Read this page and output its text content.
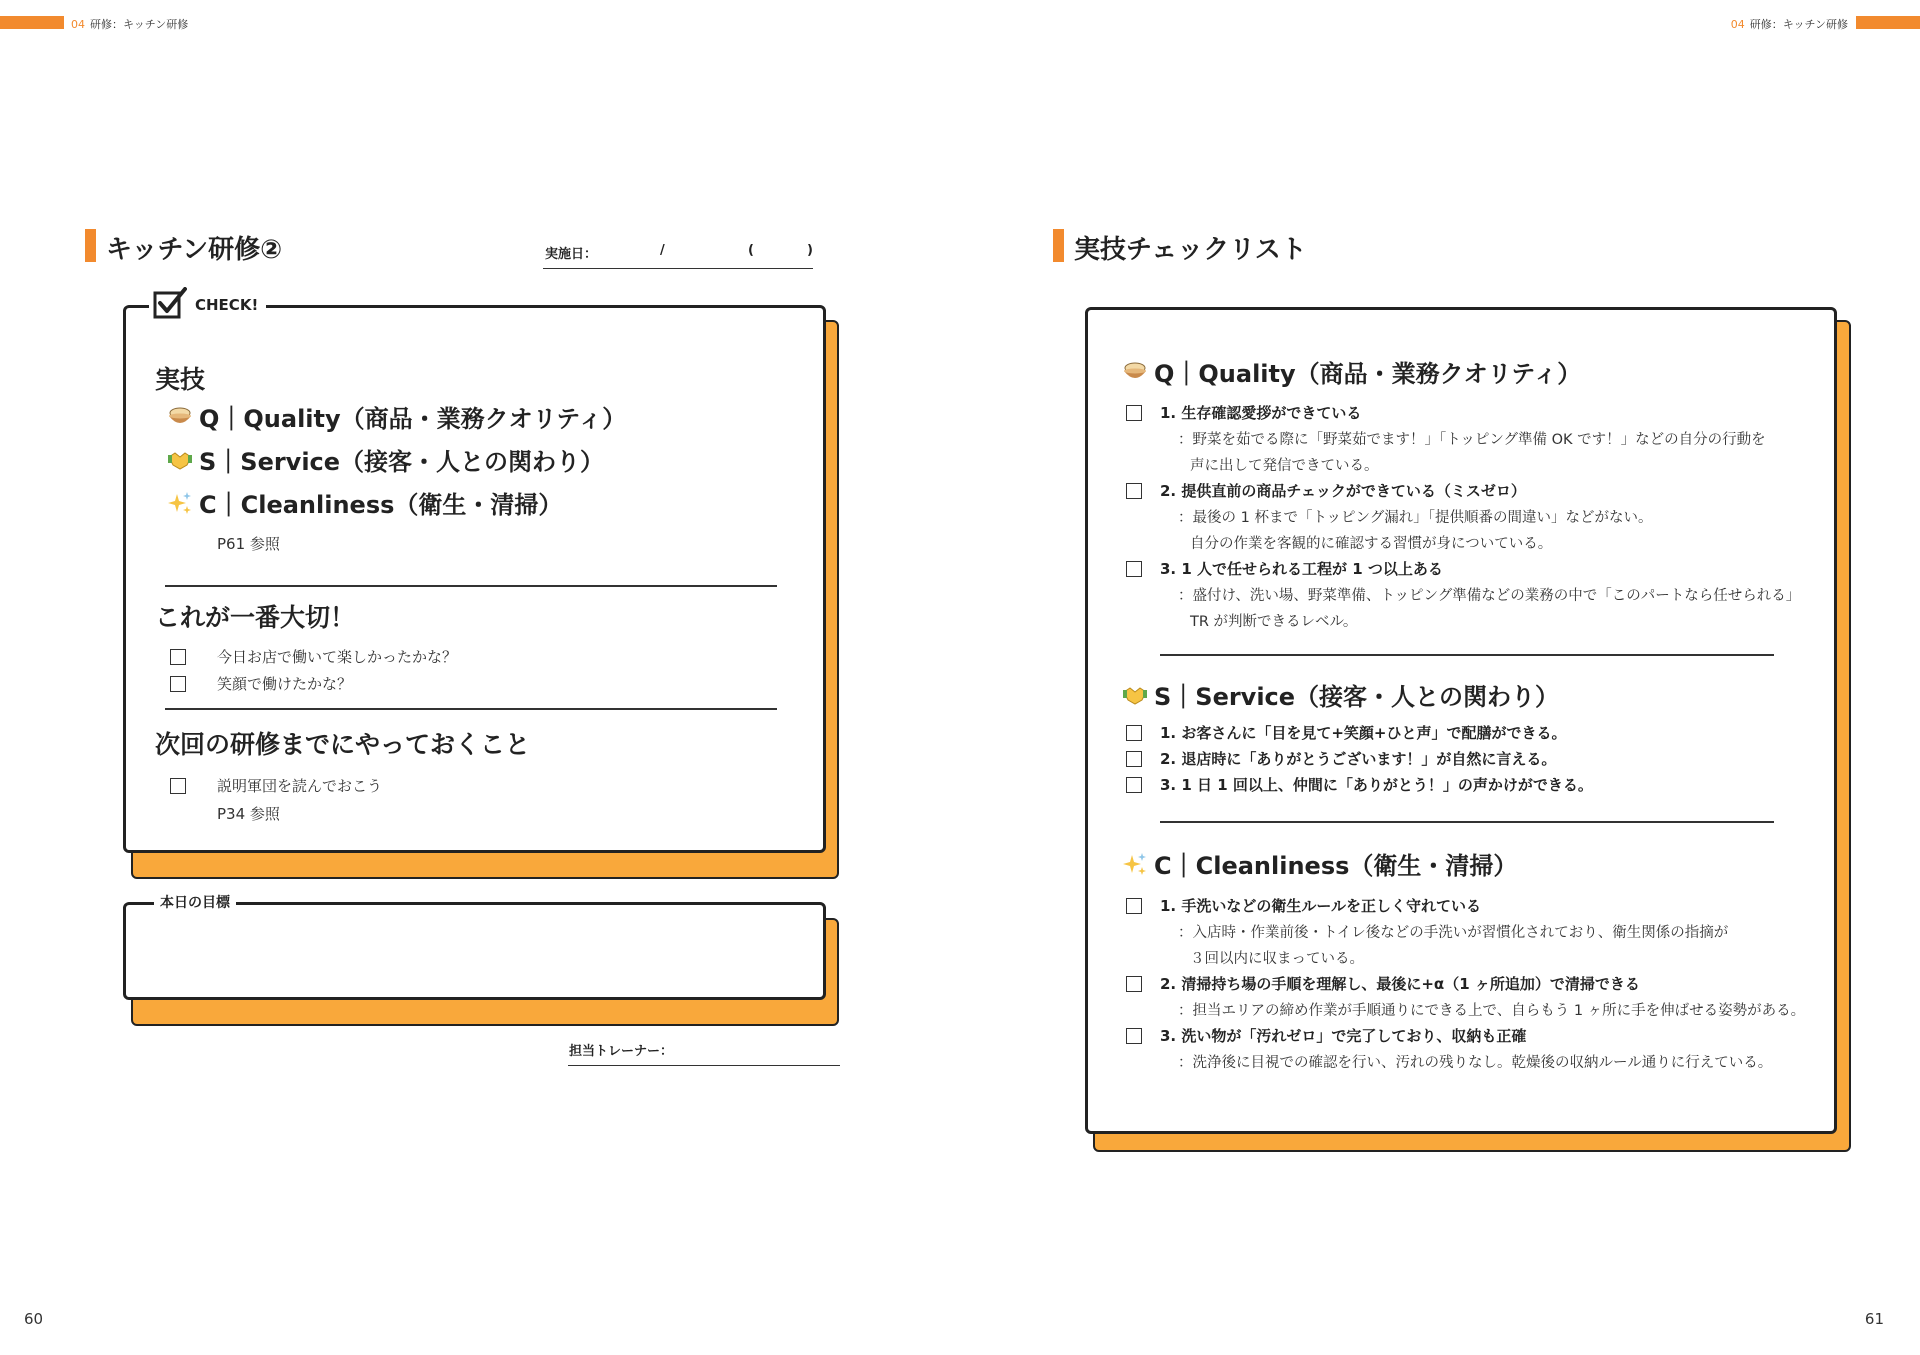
04 研修：キッチン研修	04 研修：キッチン研修
キッチン研修②	実施日：	/	(	)
CHECK!
実技
Q｜Quality（商品・業務クオリティ）
S｜Service（接客・人との関わり）
C｜Cleanliness（衛生・清掃）
P61 参照
これが一番大切！
今日お店で働いて楽しかったかな？
笑顔で働けたかな？
次回の研修までにやっておくこと
説明軍団を読んでおこう
P34 参照
本日の目標
担当トレーナー：
実技チェックリスト
Q｜Quality（商品・業務クオリティ）
1. 生存確認愛拶ができている
：野菜を茹でる際に「野菜茹でます！」「トッピング準備 OK です！」などの自分の行動を
声に出して発信できている。
2. 提供直前の商品チェックができている（ミスゼロ）
：最後の 1 杯まで「トッピング漏れ」「提供順番の間違い」などがない。
自分の作業を客観的に確認する習慣が身についている。
3. 1 人で任せられる工程が 1 つ以上ある
：盛付け、洗い場、野菜準備、トッピング準備などの業務の中で「このパートなら任せられる」
TR が判断できるレベル。
S｜Service（接客・人との関わり）
1. お客さんに「目を見て+笑顔+ひと声」で配膳ができる。
2. 退店時に「ありがとうございます！」が自然に言える。
3. 1 日 1 回以上、仲間に「ありがとう！」の声かけができる。
C｜Cleanliness（衛生・清掃）
1. 手洗いなどの衛生ルールを正しく守れている
：入店時・作業前後・トイレ後などの手洗いが習慣化されており、衛生関係の指摘が
３回以内に収まっている。
2. 清掃持ち場の手順を理解し、最後に+α（1 ヶ所追加）で清掃できる
：担当エリアの締め作業が手順通りにできる上で、自らもう 1 ヶ所に手を伸ばせる姿勢がある。
3. 洗い物が「汚れゼロ」で完了しており、収納も正確
：洗浄後に目視での確認を行い、汚れの残りなし。乾燥後の収納ルール通りに行えている。
60	61
